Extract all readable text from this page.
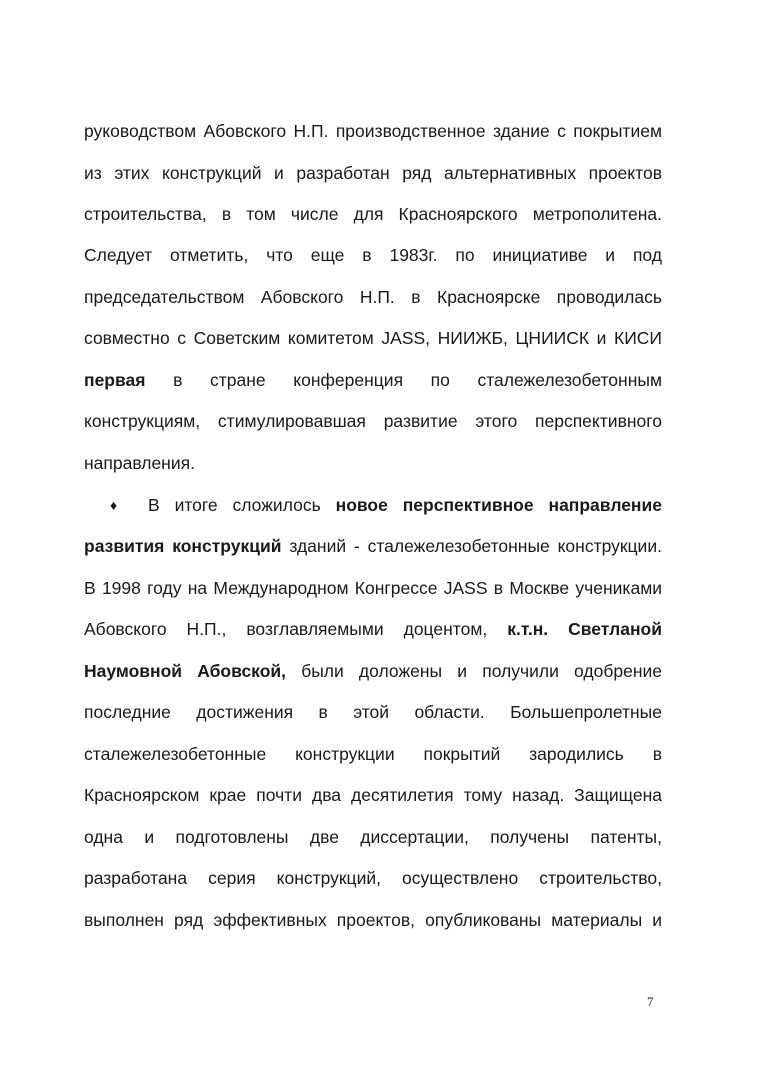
руководством Абовского Н.П. производственное здание с покрытием
из этих конструкций и разработан ряд альтернативных проектов
строительства, в том числе для Красноярского метрополитена.
Следует отметить, что еще в 1983г. по инициативе и под
председательством Абовского Н.П. в Красноярске проводилась
совместно с Советским комитетом JASS, НИИЖБ, ЦНИИСК и КИСИ
первая в стране конференция по сталежелезобетонным
конструкциям, стимулировавшая развитие этого перспективного
направления.
♦ В итоге сложилось новое перспективное направление
развития конструкций зданий - сталежелезобетонные конструкции.
В 1998 году на Международном Конгрессе JASS в Москве учениками
Абовского Н.П., возглавляемыми доцентом, к.т.н. Светланой
Наумовной Абовской, были доложены и получили одобрение
последние достижения в этой области. Большепролетные
сталежелезобетонные конструкции покрытий зародились в
Красноярском крае почти два десятилетия тому назад. Защищена
одна и подготовлены две диссертации, получены патенты,
разработана серия конструкций, осуществлено строительство,
выполнен ряд эффективных проектов, опубликованы материалы и
7
